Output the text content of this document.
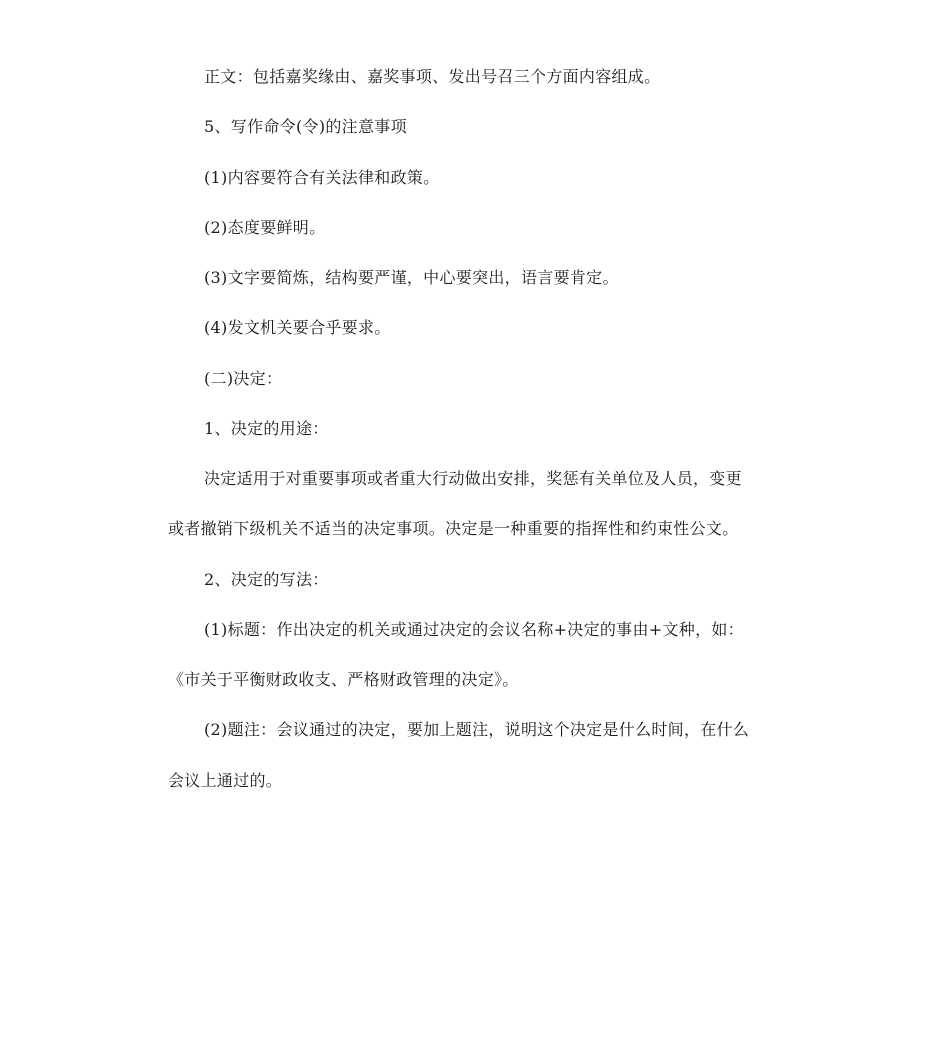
正文：包括嘉奖缘由、嘉奖事项、发出号召三个方面内容组成。
5、写作命令(令)的注意事项
(1)内容要符合有关法律和政策。
(2)态度要鲜明。
(3)文字要简炼，结构要严谨，中心要突出，语言要肯定。
(4)发文机关要合乎要求。
(二)决定：
1、决定的用途：
决定适用于对重要事项或者重大行动做出安排，奖惩有关单位及人员，变更
或者撤销下级机关不适当的决定事项。决定是一种重要的指挥性和约束性公文。
2、决定的写法：
(1)标题：作出决定的机关或通过决定的会议名称+决定的事由+文种，如：
《市关于平衡财政收支、严格财政管理的决定》。
(2)题注：会议通过的决定，要加上题注，说明这个决定是什么时间，在什么
会议上通过的。
